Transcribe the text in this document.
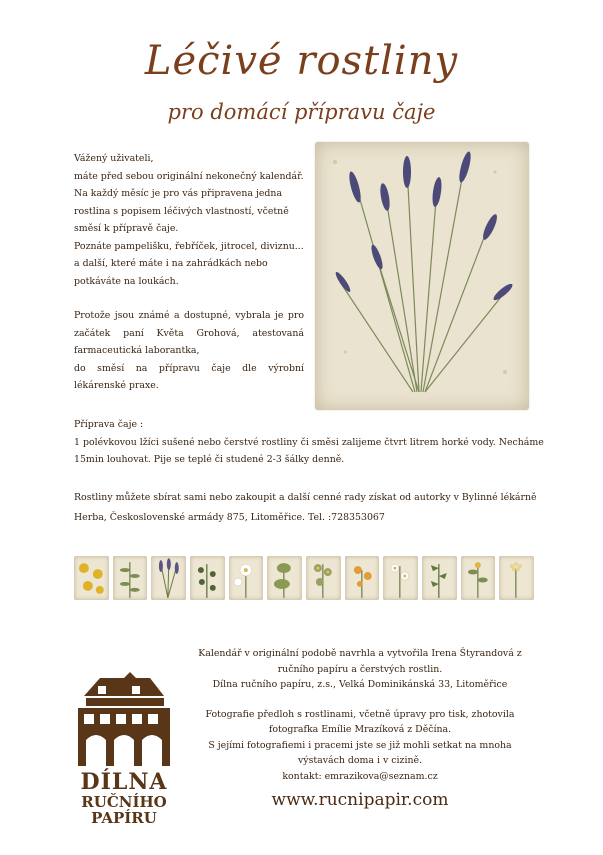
Léčivé rostliny
pro domácí přípravu čaje

Vážený uživateli,

máte před sebou originální nekonečný kalendář. Na každý měsíc je pro vás připravena jedna rostlina s popisem léčivých vlastností, včetně směsí k přípravě čaje.

Poznáte pampelišku, řebříček, jitrocel, diviznu... a další, které máte i na zahrádkách nebo potkáváte na loukách.

Protože jsou známé a dostupné, vybrala je pro začátek paní Květa Grohová, atestovaná farmaceutická laborantka,

do směsí na přípravu čaje dle výrobní lékárenské praxe.

Příprava čaje :

1 polévkovou lžíci sušené nebo čerstvé rostliny či směsi zalijeme čtvrt litrem horké vody. Necháme 15min louhovat. Pije se teplé či studené 2-3 šálky denně.

Rostliny můžete sbírat sami nebo zakoupit a další cenné rady získat od autorky v Bylinné lékárně Herba, Československé armády 875, Litoměřice. Tel. :728353067
DÍLNA
RUČNÍHO
PAPÍRU

Kalendář v originální podobě navrhla a vytvořila Irena Štyrandová z ručního papíru a čerstvých rostlin.

Dílna ručního papíru, z.s., Velká Dominikánská 33, Litoměřice

Fotografie předloh s rostlinami, včetně úpravy pro tisk, zhotovila fotografka Emílie Mrazíková z Děčína.

S jejími fotografiemi i pracemi jste se již mohli setkat na mnoha výstavách doma i v cizině.

kontakt: emrazikova@seznam.cz

www.rucnipapir.com
